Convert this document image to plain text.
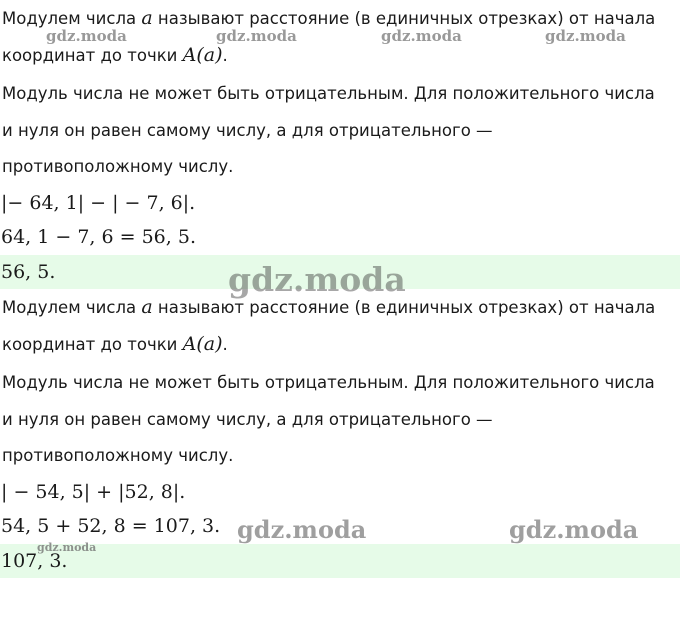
Модулем числа a называют расстояние (в единичных отрезках) от начала координат до точки A(a).

Модуль числа не может быть отрицательным. Для положительного числа и нуля он равен самому числу, а для отрицательного — противоположному числу.

|− 64, 1| − | − 7, 6|.

64, 1 − 7, 6 = 56, 5.

56, 5.

Модулем числа a называют расстояние (в единичных отрезках) от начала координат до точки A(a).

Модуль числа не может быть отрицательным. Для положительного числа и нуля он равен самому числу, а для отрицательного — противоположному числу.

| − 54, 5| + |52, 8|.

54, 5 + 52, 8 = 107, 3.

107, 3.

gdz.moda	gdz.moda	gdz.moda	gdz.moda
gdz.moda
gdz.moda	gdz.moda
gdz.moda
